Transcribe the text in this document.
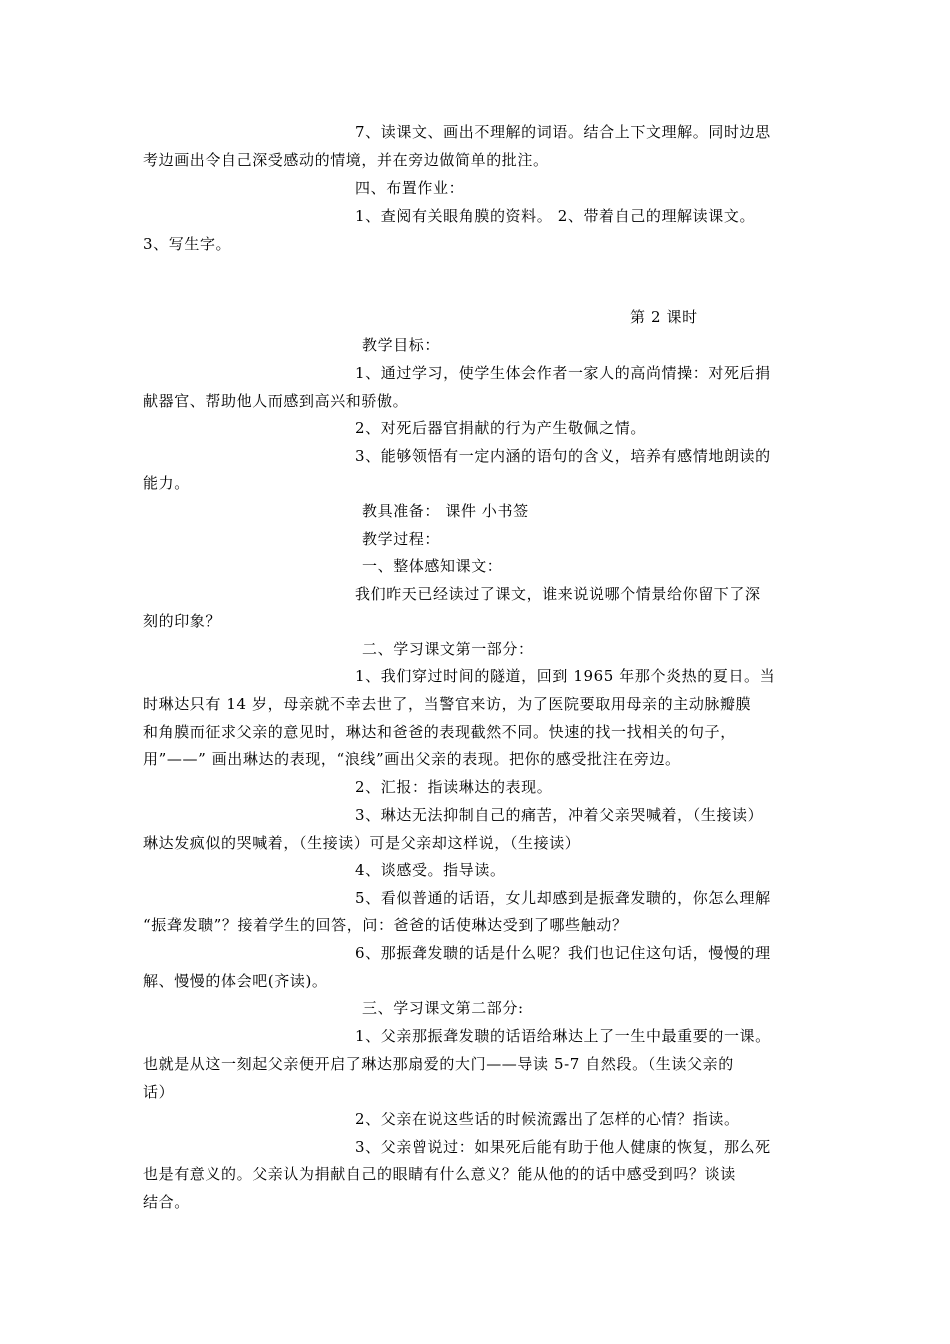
7、读课文、画出不理解的词语。结合上下文理解。同时边思
考边画出令自己深受感动的情境，并在旁边做简单的批注。
四、布置作业：
1、查阅有关眼角膜的资料。 2、带着自己的理解读课文。
3、写生字。
第 2 课时
教学目标：
1、通过学习，使学生体会作者一家人的高尚情操：对死后捐
献器官、帮助他人而感到高兴和骄傲。
2、对死后器官捐献的行为产生敬佩之情。
3、能够领悟有一定内涵的语句的含义，培养有感情地朗读的
能力。
教具准备： 课件 小书签
教学过程：
一、整体感知课文：
我们昨天已经读过了课文，谁来说说哪个情景给你留下了深
刻的印象？
二、学习课文第一部分：
1、我们穿过时间的隧道，回到 1965 年那个炎热的夏日。当
时琳达只有 14 岁，母亲就不幸去世了，当警官来访，为了医院要取用母亲的主动脉瓣膜
和角膜而征求父亲的意见时，琳达和爸爸的表现截然不同。快速的找一找相关的句子，
用”——” 画出琳达的表现，“浪线”画出父亲的表现。把你的感受批注在旁边。
2、汇报：指读琳达的表现。
3、琳达无法抑制自己的痛苦，冲着父亲哭喊着，（生接读）
琳达发疯似的哭喊着，（生接读）可是父亲却这样说，（生接读）
4、谈感受。指导读。
5、看似普通的话语，女儿却感到是振聋发聩的，你怎么理解
“振聋发聩”？接着学生的回答，问：爸爸的话使琳达受到了哪些触动？
6、那振聋发聩的话是什么呢？我们也记住这句话，慢慢的理
解、慢慢的体会吧(齐读)。
三、学习课文第二部分:
1、父亲那振聋发聩的话语给琳达上了一生中最重要的一课。
也就是从这一刻起父亲便开启了琳达那扇爱的大门——导读 5-7 自然段。（生读父亲的
话）
2、父亲在说这些话的时候流露出了怎样的心情？指读。
3、父亲曾说过：如果死后能有助于他人健康的恢复，那么死
也是有意义的。父亲认为捐献自己的眼睛有什么意义？能从他的的话中感受到吗？谈读
结合。
